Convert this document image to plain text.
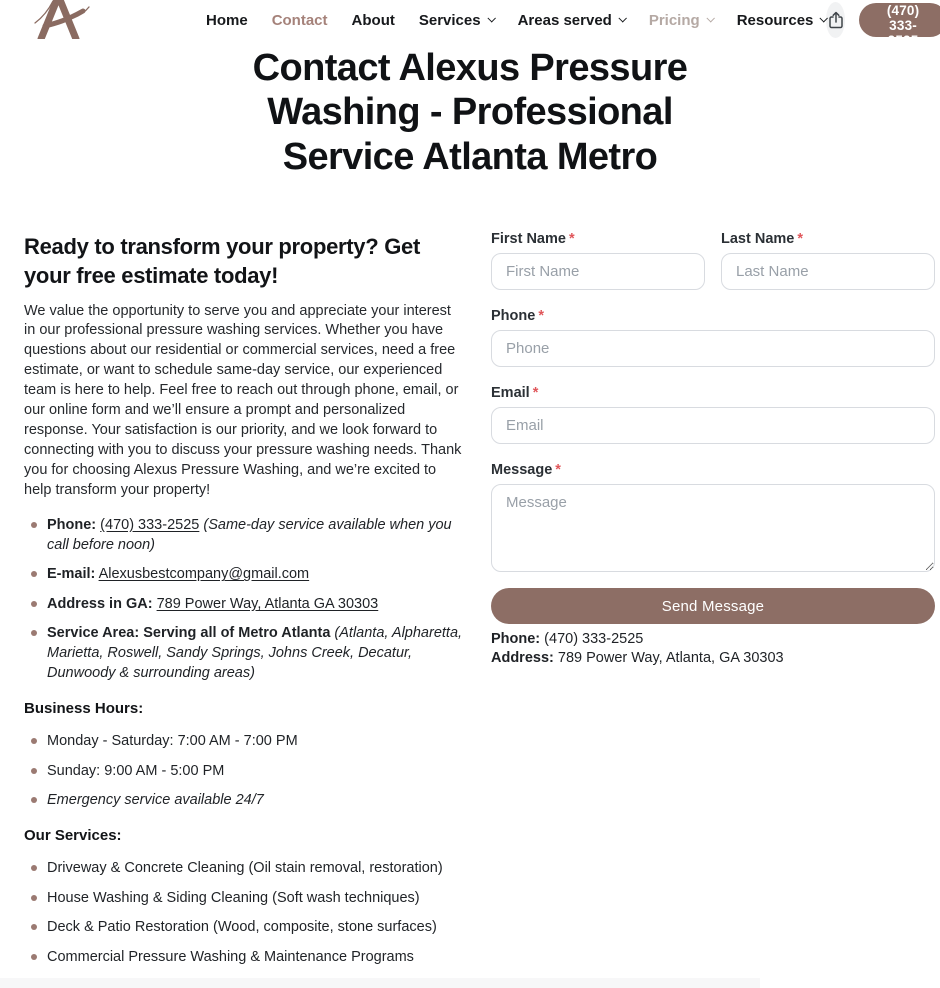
Home Contact About Services Areas served Pricing Resources
(470) 333-2525
Contact Alexus Pressure Washing - Professional Service Atlanta Metro
Ready to transform your property? Get your free estimate today!

We value the opportunity to serve you and appreciate your interest in our professional pressure washing services. Whether you have questions about our residential or commercial services, need a free estimate, or want to schedule same-day service, our experienced team is here to help. Feel free to reach out through phone, email, or our online form and we’ll ensure a prompt and personalized response. Your satisfaction is our priority, and we look forward to connecting with you to discuss your pressure washing needs. Thank you for choosing Alexus Pressure Washing, and we’re excited to help transform your property!

Phone: (470) 333-2525 (Same-day service available when you call before noon)
E-mail: Alexusbestcompany@gmail.com
Address in GA: 789 Power Way, Atlanta GA 30303
Service Area: Serving all of Metro Atlanta (Atlanta, Alpharetta, Marietta, Roswell, Sandy Springs, Johns Creek, Decatur, Dunwoody & surrounding areas)
Business Hours:
Monday - Saturday: 7:00 AM - 7:00 PM
Sunday: 9:00 AM - 5:00 PM
Emergency service available 24/7
Our Services:
Driveway & Concrete Cleaning (Oil stain removal, restoration)
House Washing & Siding Cleaning (Soft wash techniques)
Deck & Patio Restoration (Wood, composite, stone surfaces)
Commercial Pressure Washing & Maintenance Programs
First Name *
First Name	Last Name *
Last Name
Phone *
Phone
Email *
Email
Message *
Message
Send Message
Phone: (470) 333-2525
Address: 789 Power Way, Atlanta, GA 30303
